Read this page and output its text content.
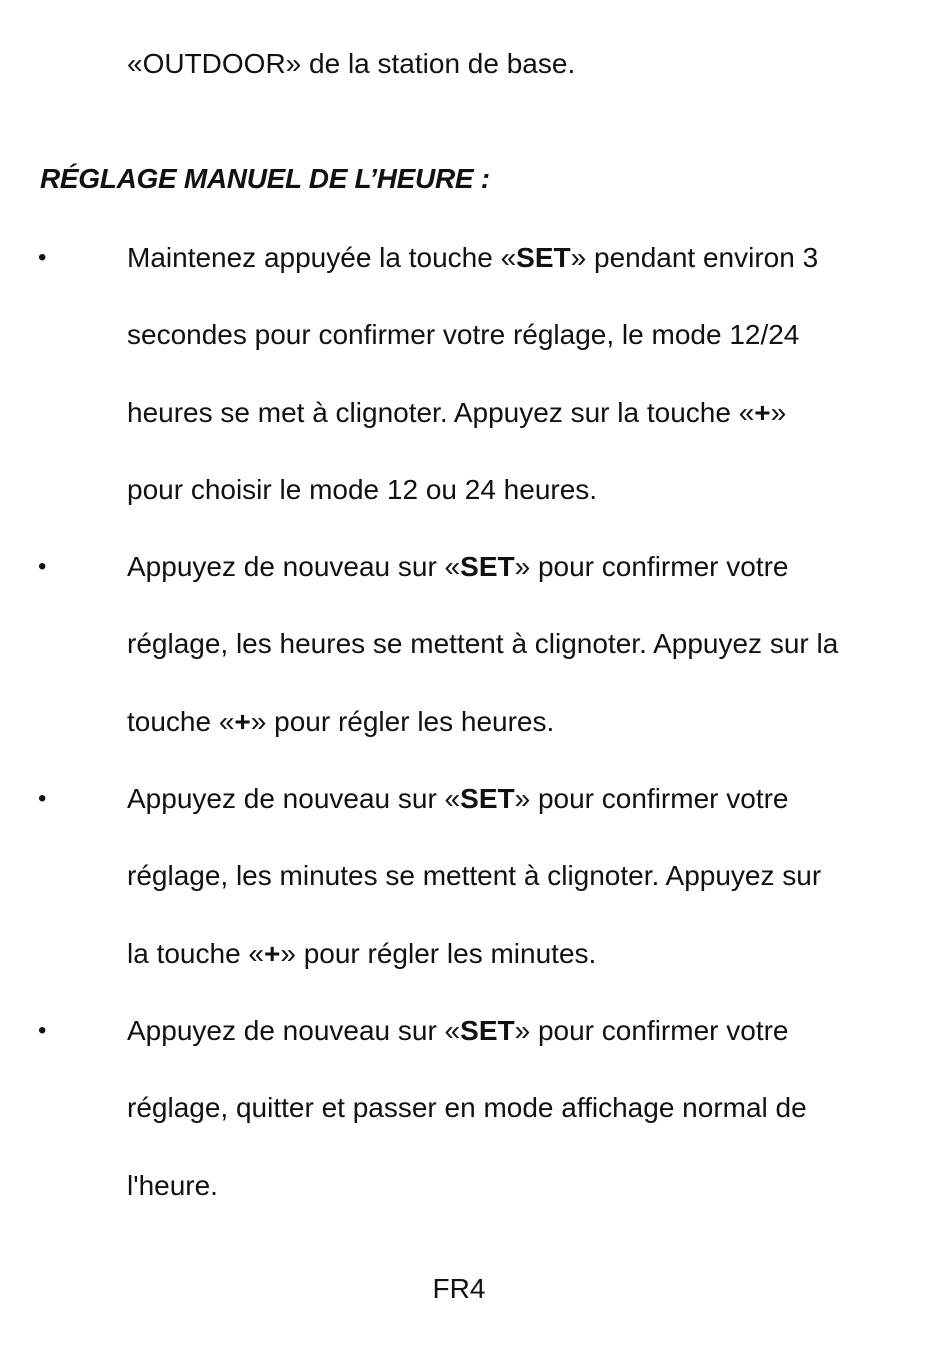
«OUTDOOR» de la station de base.

RÉGLAGE MANUEL DE L’HEURE :
•	Maintenez appuyée la touche «SET» pendant environ 3
secondes pour confirmer votre réglage, le mode 12/24
heures se met à clignoter. Appuyez sur la touche «+»
pour choisir le mode 12 ou 24 heures.

•	Appuyez de nouveau sur «SET» pour confirmer votre
réglage, les heures se mettent à clignoter. Appuyez sur la
touche «+» pour régler les heures.

•	Appuyez de nouveau sur «SET» pour confirmer votre
réglage, les minutes se mettent à clignoter. Appuyez sur
la touche «+» pour régler les minutes.

•	Appuyez de nouveau sur «SET» pour confirmer votre
réglage, quitter et passer en mode affichage normal de
l'heure.

FR4
